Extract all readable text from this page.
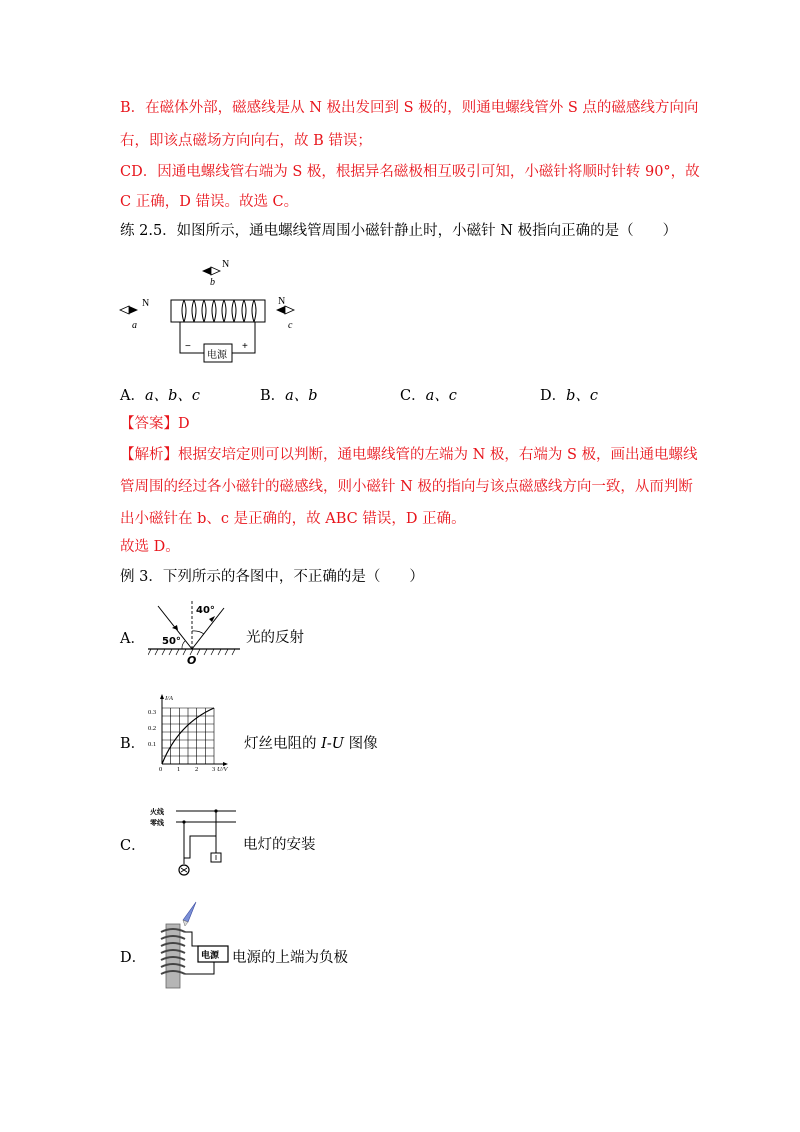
B．在磁体外部，磁感线是从 N 极出发回到 S 极的，则通电螺线管外 S 点的磁感线方向向
右，即该点磁场方向向右，故 B 错误；
CD．因通电螺线管右端为 S 极，根据异名磁极相互吸引可知，小磁针将顺时针转 90°，故
C 正确，D 错误。故选 C。
练 2.5．如图所示，通电螺线管周围小磁针静止时，小磁针 N 极指向正确的是（　　）
N
b
N
a
−	+
电源
N
c
A．a、b、c	B．a、b	C．a、c	D．b、c
【答案】D
【解析】根据安培定则可以判断，通电螺线管的左端为 N 极，右端为 S 极，画出通电螺线
管周围的经过各小磁针的磁感线，则小磁针 N 极的指向与该点磁感线方向一致，从而判断
出小磁针在 b、c 是正确的，故 ABC 错误，D 正确。
故选 D。
例 3．下列所示的各图中，不正确的是（　　）
A．
40°
50°
O
光的反射
B．
I/A
U/V
0.3
0.2
0.1
0 1 2 3
灯丝电阻的 I-U 图像
C．
火线
零线
电灯的安装
D．	电源 电源的上端为负极
